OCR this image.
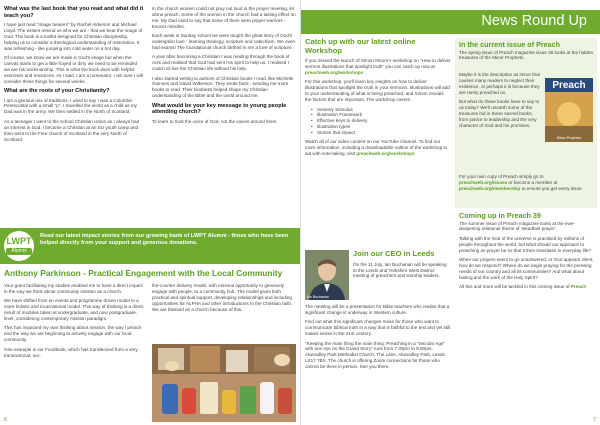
What was the last book that you read and what did it teach you?

I have just read "Image bearers" by Rachel Alderson and Michael Lloyd. The writers remind us who we are - that we bear the image of God. The book is a toolkit designed for Christian discipleship, helping us to consider a theological understanding of restoration. It was refreshing - like jumping into cold water on a hot day.

Of course, we know we are made in God's image but when the canvas starts to get a little frayed or dirty we need to be reminded we are his workmanship. This is what the book does with helpful exercises and resources. As I said, I am a rumenator. I am sure I will consider these things for several weeks.

What are the roots of your Christianity?

I am a glorious mix of traditions. I used to say I was a Columbic Pentecostal with a small "p". I travelled the world as a child as my Dad was in the army. We then settled in the North of Scotland.

As a teenager I went to the school Christian Union as I always had an interest in God. I became a Christian at an SU youth camp and then went to the Free church of Scotland in the very North of Scotland.

In the church women could not pray out loud in the prayer meeting, let alone preach. Some of the women in the church had a lasting effect on me. My Dad used to say that some of them were prayer warriors - Exocet missiles.

Each week in Sunday school we were taught the great story of God's redemption love - learning theology, scripture and catechism. We even had exams! The foundational church birthed in me a love of scripture.

A year after becoming a Christian I was reading through the book of Acts and realised that God had sent His spirit to help us. I realised I could not live the Christian life without his help.

I also started writing to authors of Christian books I read, like Michelle Guinnes and David Wilkerson. They wrote back - sending me more books to read. Their kindness helped shape my Christian understanding of the Bible and the world around me.

What would be your key message to young people attending church?

To learn to trust the voice of God, not the voices around them.

LWPT
Alumni
Read our latest impact stories from our growing bank of LWPT Alumni - those who have been helped directly from your support and generous donations.
Anthony Parkinson - Practical Engagement with the Local Community

Your grant facilitating my studies enabled me to have a direct impact in the way we think about community mission as a church.

We have shifted from an events and programme driven model to a more holistic and incarnational model. This way of thinking is a direct result of modules taken at undergraduate, and now postgraduate, level, considering contemporary mission paradigm.

This has impacted my own thinking about mission, the way I preach and the way we are beginning to actively engage with our local community.

One example is our Foodbank, which has transitioned from a very transactional, our-

the-counter delivery model, with minimal opportunity to genuinely engage with people, to a community hub. The model gives both practical and spiritual support, developing relationships and including opportunities for ALPHA and other introductions to the Christian faith. We are blessed as a church because of this.

6
News Round Up
Catch up with our latest online Workshop

If you missed the launch of Simon Moore's workshop on "How to deliver sermon illustrations that spotlight truth" you can catch up now at preachweb.org/workshops

For this workshop, you'll learn key insights on how to deliver illustrations that spotlight the truth in your sermons. Illustrations will add to your understanding of what is being preached, and Simon reveals the factors that are important. The workshop covers:

• Sensory Stimulus
• Illustration Framework
• Effective keys to delivery
• Illustration types
• Stories that impact

Watch all of our video content on our YouTube channel. To find out more information, including a downloadable outline of the workshop to aid with note-taking, visit preachweb.org/workshops

Jon Buchanan
Join our CEO in Leeds

On the 11 July, Ian Buchanan will be speaking to the Leeds and Yorkshire West District meeting of preachers and worship leaders.

The meeting will be a presentation for Bible teachers who realise that a significant change is underway in Western culture.

Find out what this significant changes mean for those who want to communicate biblical truth in a way that is faithful to the text and yet still makes sense in the 21st century.

"Keeping the main thing the main thing: Preaching in a "Secular Age" with one eye on the Grand Story" runs from 7.30pm to 9.00pm. Alwoodley Park Methodist Church, The Lane, Alwoodley Park, Leeds LS17 7BX. The church is offering Zoom connections for those who cannot be there in person. See you there.

In the current issue of Preach

The spring issue of Preach magazine issue 38 looks at the hidden treasures of the Minor Prophets.

Maybe it is the description as minor that causes many readers to neglect their existence, or perhaps it is because they are rarely preached on.

But what do these books have to say to us today? We'll unearth some of the treasures hid in these sacred books, from justice to leadership and the very character of God and his promises.

Preach
Minor Prophets

For your own copy of Preach simply go to preachweb.org/issues or become a member at preachweb.org/membership to ensure you get every issue.

Coming up in Preach 39

The summer issue of Preach magazine looks at the ever-deepening relational theme of 'steadfast prayer'.

Talking with the God of the universe is practised by millions of people throughout the world, but what should our approach to preaching on prayer be so that it then translates to everyday life?

When our prayers seem to go unanswered, or God appears silent, how do we respond? Where do we begin praying for the pressing needs of our country and all its communities? And what about fasting and the work of the Holy Spirit?

All this and more will be tackled in this coming issue of Preach

7
